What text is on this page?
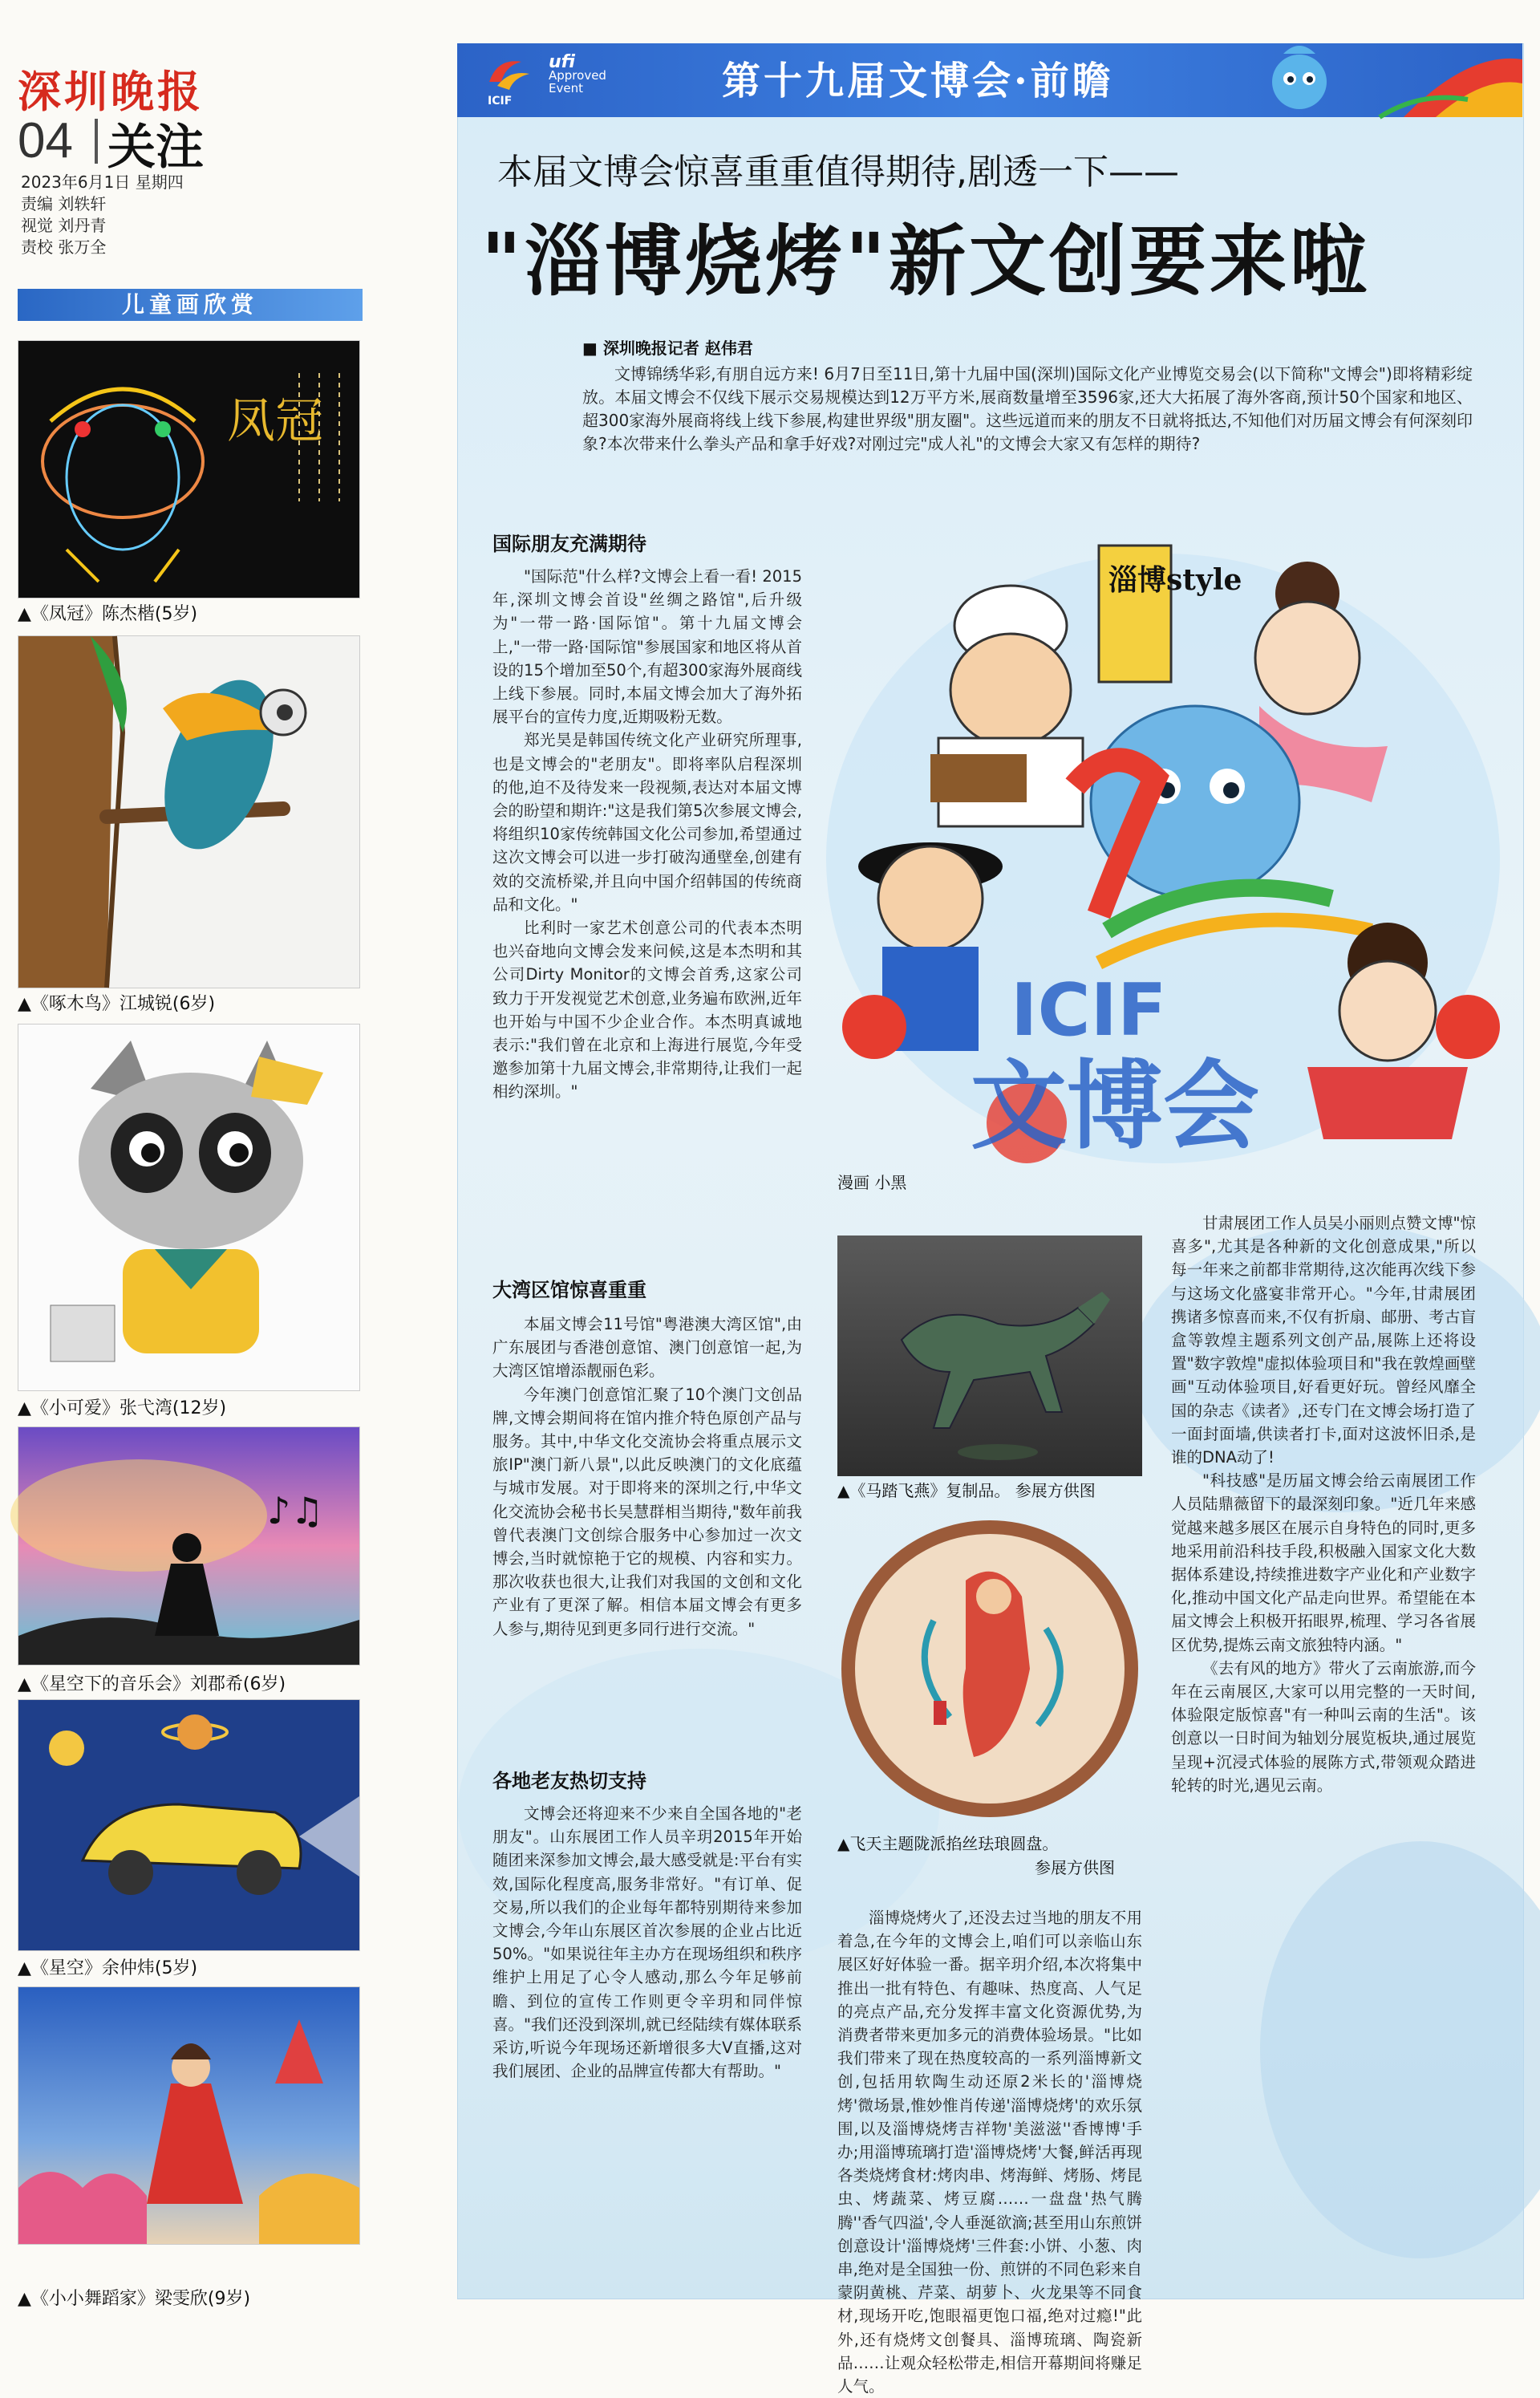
深圳晚报
04 关注
2023年6月1日 星期四
责编 刘轶轩
视觉 刘丹青
责校 张万全
儿童画欣赏
凤冠
▲《凤冠》陈杰楷(5岁)
▲《啄木鸟》江城锐(6岁)
▲《小可爱》张弋湾(12岁)
♪♫
▲《星空下的音乐会》刘郡希(6岁)
▲《星空》余仲炜(5岁)
▲《小小舞蹈家》梁雯欣(9岁)
ICIF
ufi
Approved Event	第十九届文博会·前瞻
本届文博会惊喜重重值得期待,剧透一下——
"淄博烧烤"新文创要来啦
■ 深圳晚报记者 赵伟君
文博锦绣华彩,有朋自远方来! 6月7日至11日,第十九届中国(深圳)国际文化产业博览交易会(以下简称"文博会")即将精彩绽放。本届文博会不仅线下展示交易规模达到12万平方米,展商数量增至3596家,还大大拓展了海外客商,预计50个国家和地区、超300家海外展商将线上线下参展,构建世界级"朋友圈"。这些远道而来的朋友不日就将抵达,不知他们对历届文博会有何深刻印象?本次带来什么拳头产品和拿手好戏?对刚过完"成人礼"的文博会大家又有怎样的期待?
淄博style
ICIF
文博会
漫画 小黑
国际朋友充满期待

"国际范"什么样?文博会上看一看! 2015年,深圳文博会首设"丝绸之路馆",后升级为"一带一路·国际馆"。第十九届文博会上,"一带一路·国际馆"参展国家和地区将从首设的15个增加至50个,有超300家海外展商线上线下参展。同时,本届文博会加大了海外拓展平台的宣传力度,近期吸粉无数。

郑光昊是韩国传统文化产业研究所理事,也是文博会的"老朋友"。即将率队启程深圳的他,迫不及待发来一段视频,表达对本届文博会的盼望和期许:"这是我们第5次参展文博会,将组织10家传统韩国文化公司参加,希望通过这次文博会可以进一步打破沟通壁垒,创建有效的交流桥梁,并且向中国介绍韩国的传统商品和文化。"

比利时一家艺术创意公司的代表本杰明也兴奋地向文博会发来问候,这是本杰明和其公司Dirty Monitor的文博会首秀,这家公司致力于开发视觉艺术创意,业务遍布欧洲,近年也开始与中国不少企业合作。本杰明真诚地表示:"我们曾在北京和上海进行展览,今年受邀参加第十九届文博会,非常期待,让我们一起相约深圳。"

大湾区馆惊喜重重

本届文博会11号馆"粤港澳大湾区馆",由广东展团与香港创意馆、澳门创意馆一起,为大湾区馆增添靓丽色彩。

今年澳门创意馆汇聚了10个澳门文创品牌,文博会期间将在馆内推介特色原创产品与服务。其中,中华文化交流协会将重点展示文旅IP"澳门新八景",以此反映澳门的文化底蕴与城市发展。对于即将来的深圳之行,中华文化交流协会秘书长吴慧群相当期待,"数年前我曾代表澳门文创综合服务中心参加过一次文博会,当时就惊艳于它的规模、内容和实力。那次收获也很大,让我们对我国的文创和文化产业有了更深了解。相信本届文博会有更多人参与,期待见到更多同行进行交流。"

各地老友热切支持

文博会还将迎来不少来自全国各地的"老朋友"。山东展团工作人员辛玥2015年开始随团来深参加文博会,最大感受就是:平台有实效,国际化程度高,服务非常好。"有订单、促交易,所以我们的企业每年都特别期待来参加文博会,今年山东展区首次参展的企业占比近50%。"如果说往年主办方在现场组织和秩序维护上用足了心令人感动,那么今年足够前瞻、到位的宣传工作则更令辛玥和同伴惊喜。"我们还没到深圳,就已经陆续有媒体联系采访,听说今年现场还新增很多大V直播,这对我们展团、企业的品牌宣传都大有帮助。"

▲《马踏飞燕》复制品。 参展方供图
▲飞天主题陇派掐丝珐琅圆盘。
参展方供图

淄博烧烤火了,还没去过当地的朋友不用着急,在今年的文博会上,咱们可以亲临山东展区好好体验一番。据辛玥介绍,本次将集中推出一批有特色、有趣味、热度高、人气足的亮点产品,充分发挥丰富文化资源优势,为消费者带来更加多元的消费体验场景。"比如我们带来了现在热度较高的一系列淄博新文创,包括用软陶生动还原2米长的'淄博烧烤'微场景,惟妙惟肖传递'淄博烧烤'的欢乐氛围,以及淄博烧烤吉祥物'美滋滋''香博博'手办;用淄博琉璃打造'淄博烧烤'大餐,鲜活再现各类烧烤食材:烤肉串、烤海鲜、烤肠、烤昆虫、烤蔬菜、烤豆腐……一盘盘'热气腾腾''香气四溢',令人垂涎欲滴;甚至用山东煎饼创意设计'淄博烧烤'三件套:小饼、小葱、肉串,绝对是全国独一份、煎饼的不同色彩来自蒙阴黄桃、芹菜、胡萝卜、火龙果等不同食材,现场开吃,饱眼福更饱口福,绝对过瘾!"此外,还有烧烤文创餐具、淄博琉璃、陶瓷新品……让观众轻松带走,相信开幕期间将赚足人气。

甘肃展团工作人员吴小丽则点赞文博"惊喜多",尤其是各种新的文化创意成果,"所以每一年来之前都非常期待,这次能再次线下参与这场文化盛宴非常开心。"今年,甘肃展团携诸多惊喜而来,不仅有折扇、邮册、考古盲盒等敦煌主题系列文创产品,展陈上还将设置"数字敦煌"虚拟体验项目和"我在敦煌画壁画"互动体验项目,好看更好玩。曾经风靡全国的杂志《读者》,还专门在文博会场打造了一面封面墙,供读者打卡,面对这波怀旧杀,是谁的DNA动了!

"科技感"是历届文博会给云南展团工作人员陆鼎薇留下的最深刻印象。"近几年来感觉越来越多展区在展示自身特色的同时,更多地采用前沿科技手段,积极融入国家文化大数据体系建设,持续推进数字产业化和产业数字化,推动中国文化产品走向世界。希望能在本届文博会上积极开拓眼界,梳理、学习各省展区优势,提炼云南文旅独特内涵。"

《去有风的地方》带火了云南旅游,而今年在云南展区,大家可以用完整的一天时间,体验限定版惊喜"有一种叫云南的生活"。该创意以一日时间为轴划分展览板块,通过展览呈现+沉浸式体验的展陈方式,带领观众踏进轮转的时光,遇见云南。
